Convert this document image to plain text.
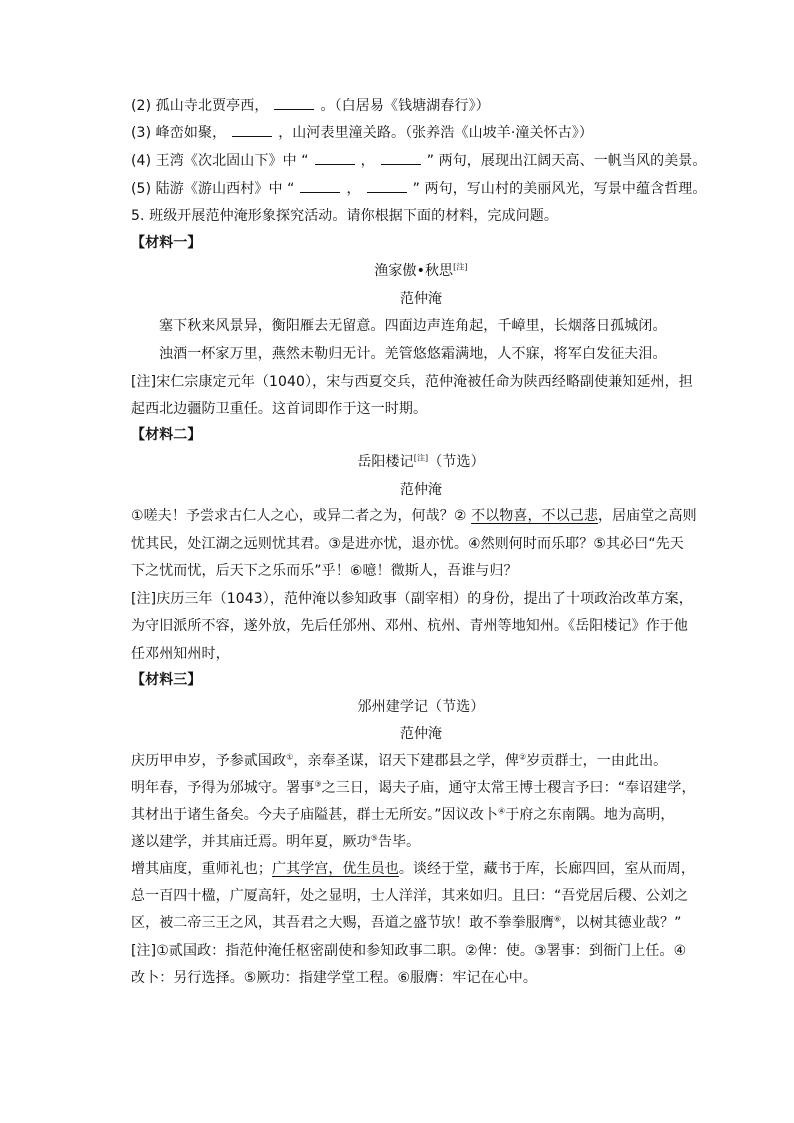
(2) 孤山寺北贾亭西，	。（白居易《钱塘湖春行》）
(3) 峰峦如聚，	，山河表里潼关路。（张养浩《山坡羊·潼关怀古》）
(4) 王湾《次北固山下》中 “	，	” 两句，展现出江阔天高、一帆当风的美景。
(5) 陆游《游山西村》中 “	，	” 两句，写山村的美丽风光，写景中蕴含哲理。
5. 班级开展范仲淹形象探究活动。请你根据下面的材料，完成问题。
【材料一】
渔家傲•秋思[注]
范仲淹
塞下秋来风景异，衡阳雁去无留意。四面边声连角起，千嶂里，长烟落日孤城闭。
浊酒一杯家万里，燕然未勒归无计。羌管悠悠霜满地，人不寐，将军白发征夫泪。
[注]宋仁宗康定元年（1040），宋与西夏交兵，范仲淹被任命为陕西经略副使兼知延州，担
起西北边疆防卫重任。这首词即作于这一时期。
【材料二】
岳阳楼记[注]（节选）
范仲淹
①嗟夫！予尝求古仁人之心，或异二者之为，何哉？② 不以物喜，不以己悲，居庙堂之高则
忧其民，处江湖之远则忧其君。③是进亦忧，退亦忧。④然则何时而乐耶？⑤其必曰“先天
下之忧而忧，后天下之乐而乐”乎！⑥噫！微斯人，吾谁与归？
[注]庆历三年（1043），范仲淹以参知政事（副宰相）的身份，提出了十项政治改革方案，
为守旧派所不容，遂外放，先后任邠州、邓州、杭州、青州等地知州。《岳阳楼记》作于他
任邓州知州时，
【材料三】
邠州建学记（节选）
范仲淹
庆历甲申岁，予参贰国政①，亲奉圣谋，诏天下建郡县之学，俾②岁贡群士，一由此出。
明年春，予得为邠城守。署事③之三日，谒夫子庙，通守太常王博士稷言予曰：“奉诏建学，
其材出于诸生备矣。今夫子庙隘甚，群士无所安。”因议改卜④于府之东南隅。地为高明，
遂以建学，并其庙迁焉。明年夏，厥功⑤告毕。
增其庙度，重师礼也；广其学宫，优生员也。谈经于堂，藏书于库，长廊四回，室从而周，
总一百四十楹，广厦高轩，处之显明，士人洋洋，其来如归。且曰：“吾党居后稷、公刘之
区，被二帝三王之风，其吾君之大赐，吾道之盛节欤！敢不拳拳服膺⑥，以树其德业哉？”
[注]①贰国政：指范仲淹任枢密副使和参知政事二职。②俾：使。③署事：到衙门上任。④
改卜：另行选择。⑤厥功：指建学堂工程。⑥服膺：牢记在心中。
